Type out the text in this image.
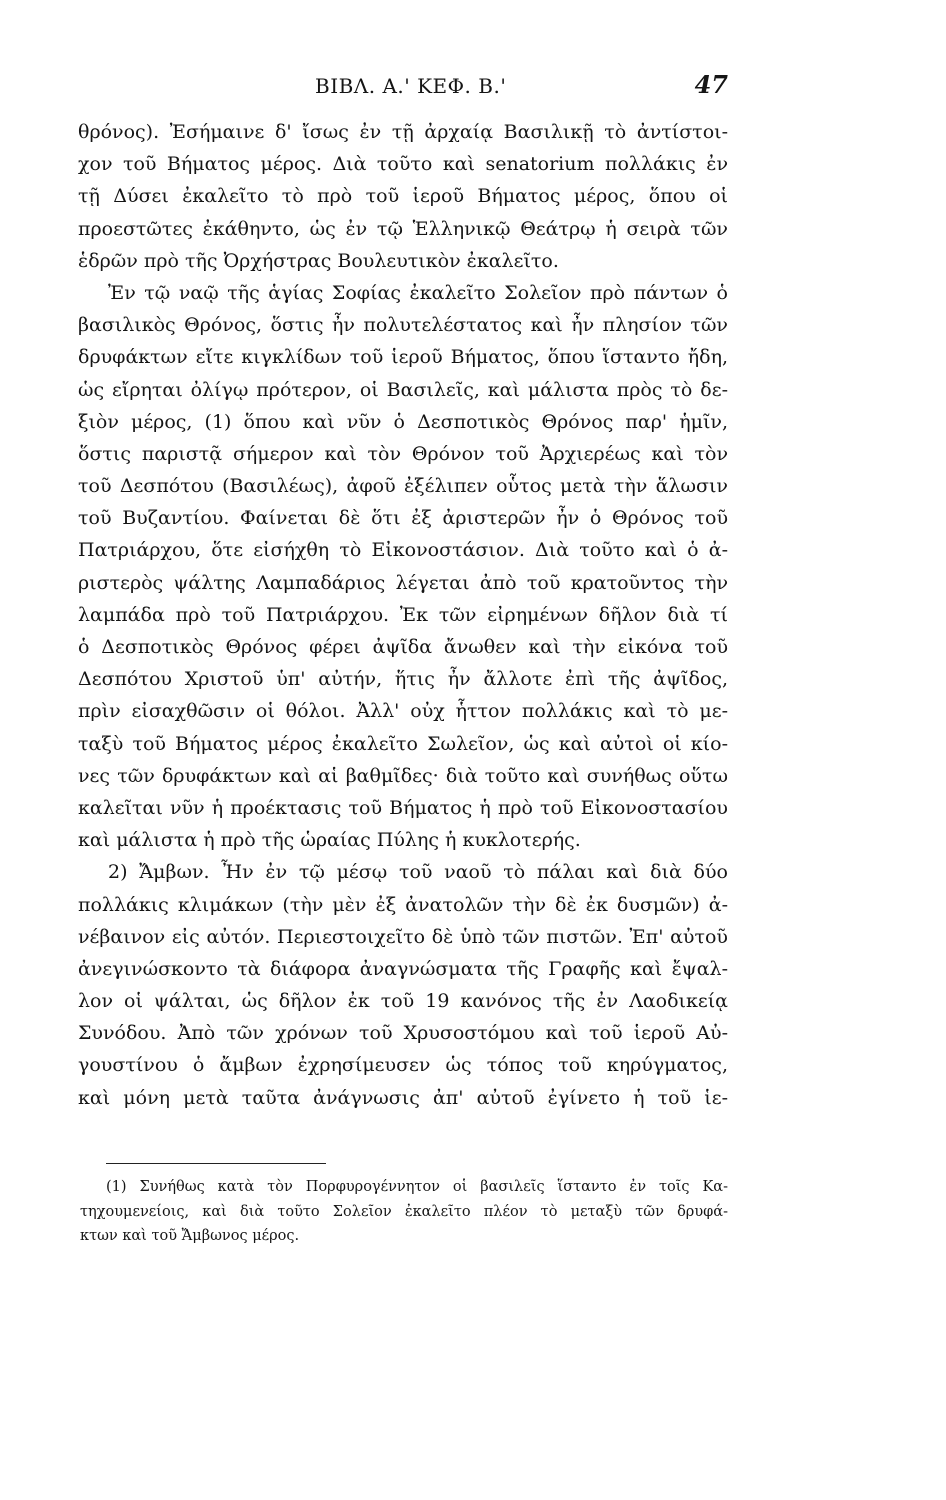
ΒΙΒΛ. Α.' ΚΕΦ. Β.'	47
θρόνος). Ἐσήμαινε δ' ἴσως ἐν τῇ ἀρχαίᾳ Βασιλικῇ τὸ ἀντίστοι-
χον τοῦ Βήματος μέρος. Διὰ τοῦτο καὶ senatorium πολλάκις ἐν
τῇ Δύσει ἐκαλεῖτο τὸ πρὸ τοῦ ἱεροῦ Βήματος μέρος, ὅπου οἱ
προεστῶτες ἐκάθηντο, ὡς ἐν τῷ Ἑλληνικῷ Θεάτρῳ ἡ σειρὰ τῶν
ἑδρῶν πρὸ τῆς Ὀρχήστρας Βουλευτικὸν ἐκαλεῖτο.
Ἐν τῷ ναῷ τῆς ἁγίας Σοφίας ἐκαλεῖτο Σολεῖον πρὸ πάντων ὁ
βασιλικὸς Θρόνος, ὅστις ἦν πολυτελέστατος καὶ ἦν πλησίον τῶν
δρυφάκτων εἴτε κιγκλίδων τοῦ ἱεροῦ Βήματος, ὅπου ἵσταντο ἤδη,
ὡς εἴρηται ὀλίγῳ πρότερον, οἱ Βασιλεῖς, καὶ μάλιστα πρὸς τὸ δε-
ξιὸν μέρος, (1) ὅπου καὶ νῦν ὁ Δεσποτικὸς Θρόνος παρ' ἡμῖν,
ὅστις παριστᾷ σήμερον καὶ τὸν Θρόνον τοῦ Ἀρχιερέως καὶ τὸν
τοῦ Δεσπότου (Βασιλέως), ἀφοῦ ἐξέλιπεν οὗτος μετὰ τὴν ἅλωσιν
τοῦ Βυζαντίου. Φαίνεται δὲ ὅτι ἐξ ἀριστερῶν ἦν ὁ Θρόνος τοῦ
Πατριάρχου, ὅτε εἰσήχθη τὸ Εἰκονοστάσιον. Διὰ τοῦτο καὶ ὁ ἀ-
ριστερὸς ψάλτης Λαμπαδάριος λέγεται ἀπὸ τοῦ κρατοῦντος τὴν
λαμπάδα πρὸ τοῦ Πατριάρχου. Ἐκ τῶν εἰρημένων δῆλον διὰ τί
ὁ Δεσποτικὸς Θρόνος φέρει ἀψῖδα ἄνωθεν καὶ τὴν εἰκόνα τοῦ
Δεσπότου Χριστοῦ ὑπ' αὐτήν, ἥτις ἦν ἄλλοτε ἐπὶ τῆς ἀψῖδος,
πρὶν εἰσαχθῶσιν οἱ θόλοι. Ἀλλ' οὐχ ἧττον πολλάκις καὶ τὸ με-
ταξὺ τοῦ Βήματος μέρος ἐκαλεῖτο Σωλεῖον, ὡς καὶ αὐτοὶ οἱ κίο-
νες τῶν δρυφάκτων καὶ αἱ βαθμῖδες· διὰ τοῦτο καὶ συνήθως οὕτω
καλεῖται νῦν ἡ προέκτασις τοῦ Βήματος ἡ πρὸ τοῦ Εἰκονοστασίου
καὶ μάλιστα ἡ πρὸ τῆς ὡραίας Πύλης ἡ κυκλοτερής.
2) Ἄμβων. Ἦν ἐν τῷ μέσῳ τοῦ ναοῦ τὸ πάλαι καὶ διὰ δύο
πολλάκις κλιμάκων (τὴν μὲν ἐξ ἀνατολῶν τὴν δὲ ἐκ δυσμῶν) ἀ-
νέβαινον εἰς αὐτόν. Περιεστοιχεῖτο δὲ ὑπὸ τῶν πιστῶν. Ἐπ' αὐτοῦ
ἀνεγινώσκοντο τὰ διάφορα ἀναγνώσματα τῆς Γραφῆς καὶ ἔψαλ-
λον οἱ ψάλται, ὡς δῆλον ἐκ τοῦ 19 κανόνος τῆς ἐν Λαοδικείᾳ
Συνόδου. Ἀπὸ τῶν χρόνων τοῦ Χρυσοστόμου καὶ τοῦ ἱεροῦ Αὐ-
γουστίνου ὁ ἄμβων ἐχρησίμευσεν ὡς τόπος τοῦ κηρύγματος,
καὶ μόνη μετὰ ταῦτα ἀνάγνωσις ἀπ' αὐτοῦ ἐγίνετο ἡ τοῦ ἱε-
(1) Συνήθως κατὰ τὸν Πορφυρογέννητον οἱ βασιλεῖς ἵσταντο ἐν τοῖς Κα-
τηχουμενείοις, καὶ διὰ τοῦτο Σολεῖον ἐκαλεῖτο πλέον τὸ μεταξὺ τῶν δρυφά-
κτων καὶ τοῦ Ἄμβωνος μέρος.
